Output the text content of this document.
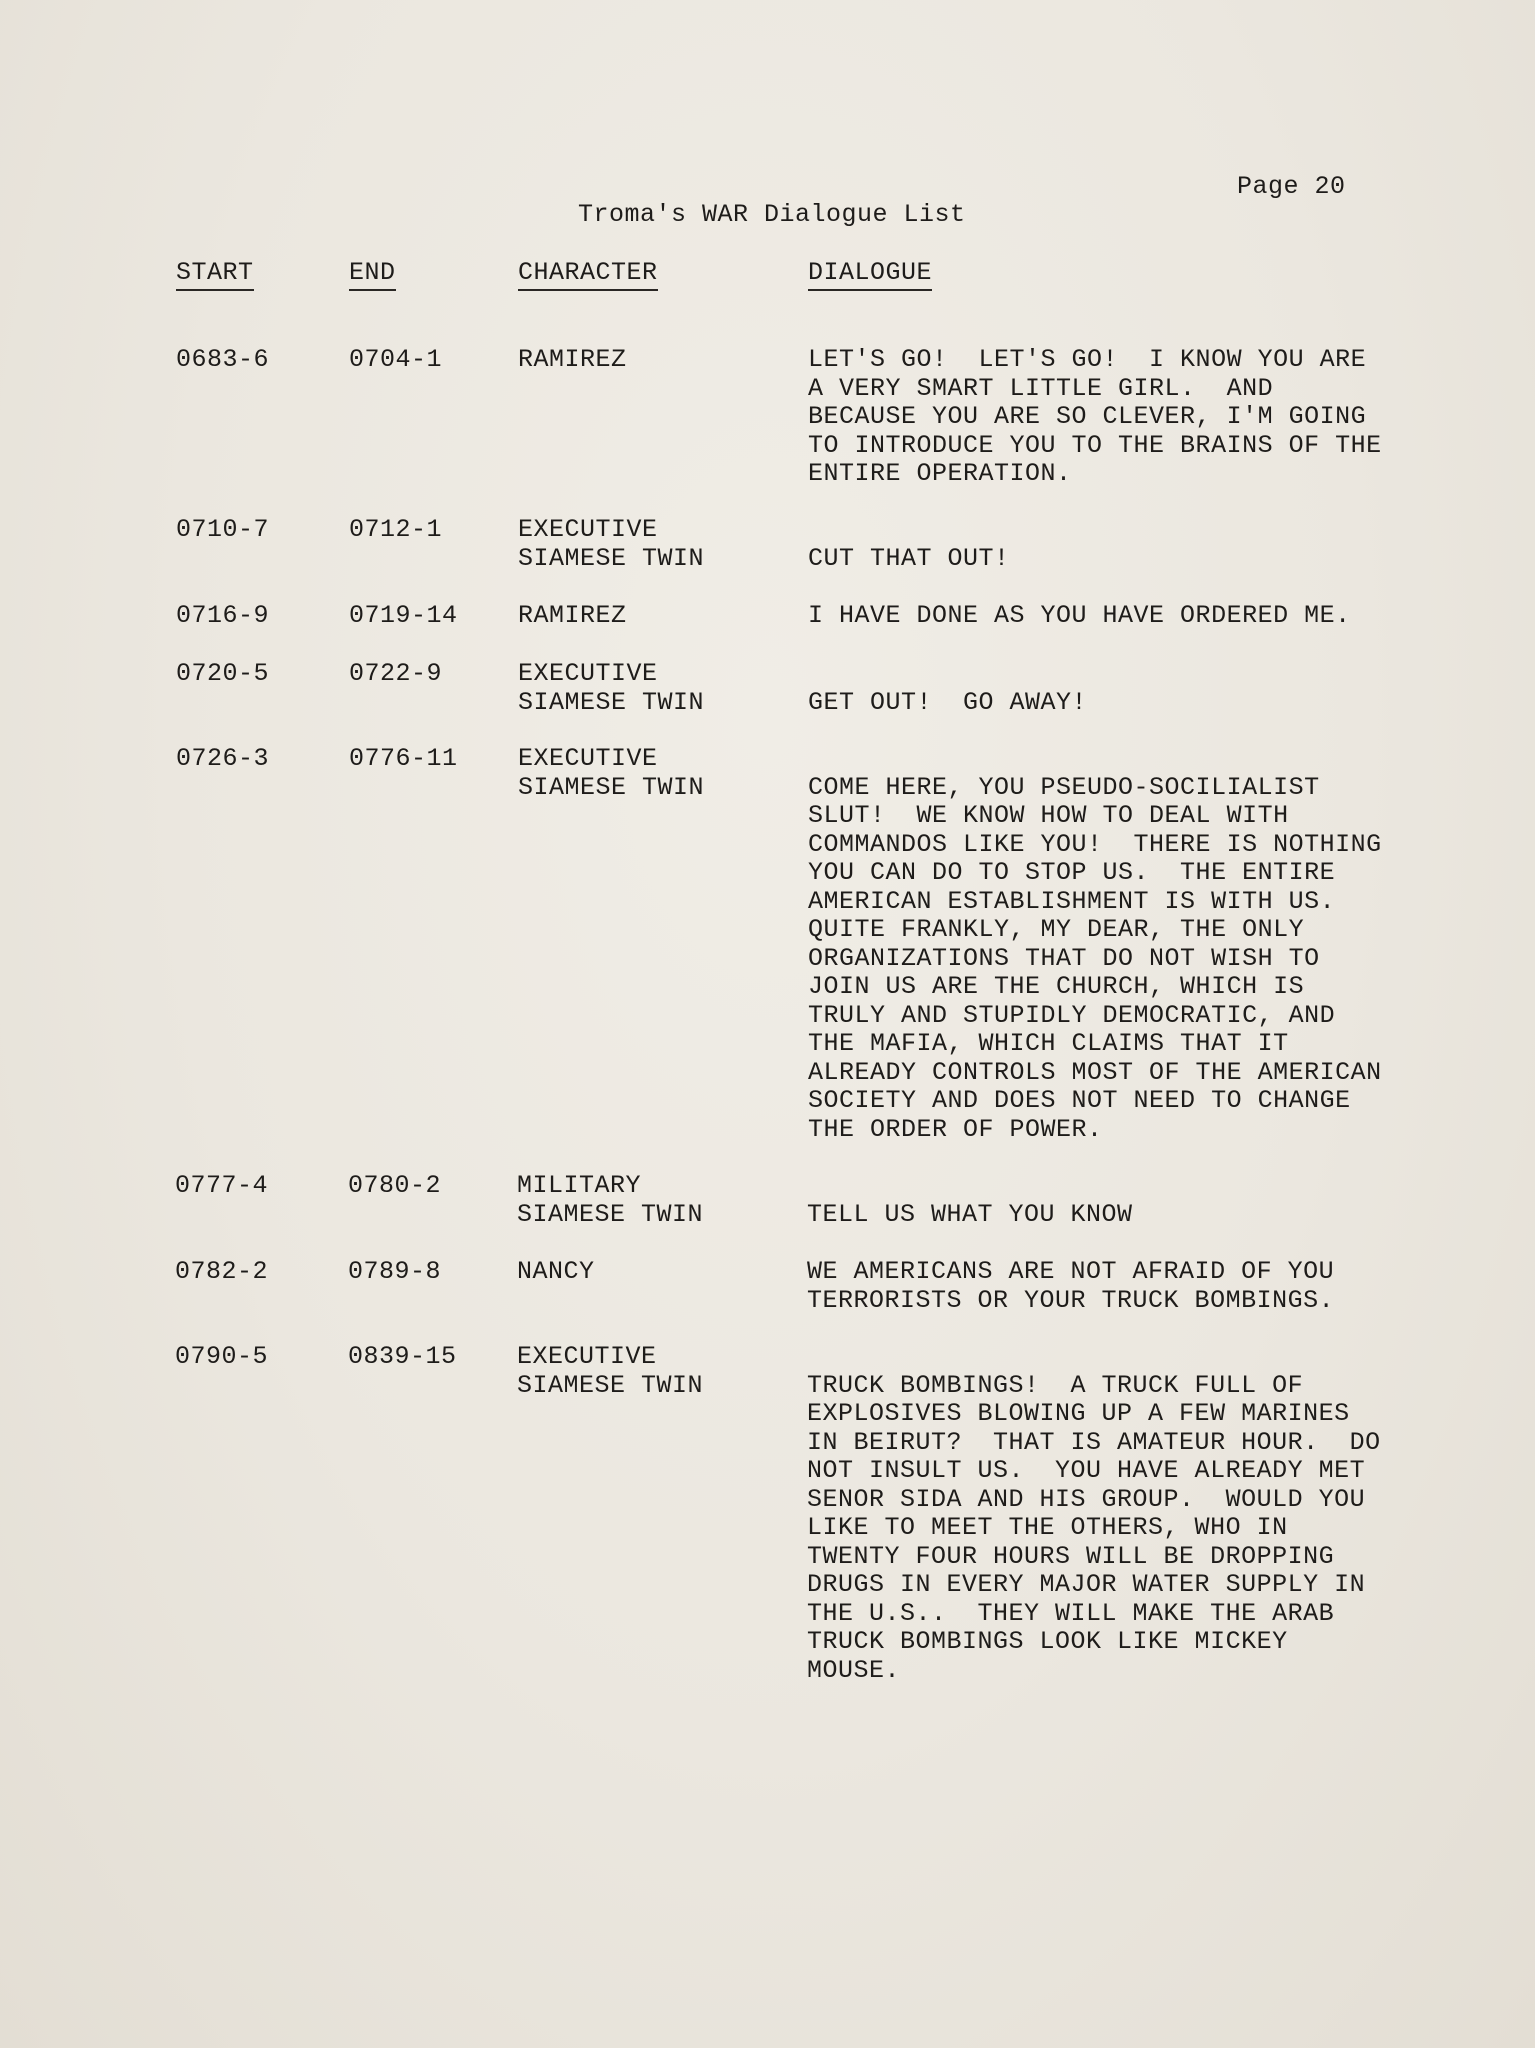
Page 20
Troma's WAR Dialogue List
START	END	CHARACTER	DIALOGUE
0683-6	0704-1	RAMIREZ	LET'S GO!  LET'S GO!  I KNOW YOU ARE
A VERY SMART LITTLE GIRL.  AND
BECAUSE YOU ARE SO CLEVER, I'M GOING
TO INTRODUCE YOU TO THE BRAINS OF THE
ENTIRE OPERATION.
0710-7	0712-1	EXECUTIVE
SIAMESE TWIN	CUT THAT OUT!
0716-9	0719-14 RAMIREZ	I HAVE DONE AS YOU HAVE ORDERED ME.
0720-5	0722-9	EXECUTIVE
SIAMESE TWIN	GET OUT!  GO AWAY!
0726-3	0776-11 EXECUTIVE
SIAMESE TWIN	COME HERE, YOU PSEUDO-SOCILIALIST
SLUT!  WE KNOW HOW TO DEAL WITH
COMMANDOS LIKE YOU!  THERE IS NOTHING
YOU CAN DO TO STOP US.  THE ENTIRE
AMERICAN ESTABLISHMENT IS WITH US.
QUITE FRANKLY, MY DEAR, THE ONLY
ORGANIZATIONS THAT DO NOT WISH TO
JOIN US ARE THE CHURCH, WHICH IS
TRULY AND STUPIDLY DEMOCRATIC, AND
THE MAFIA, WHICH CLAIMS THAT IT
ALREADY CONTROLS MOST OF THE AMERICAN
SOCIETY AND DOES NOT NEED TO CHANGE
THE ORDER OF POWER.
0777-4	0780-2	MILITARY
SIAMESE TWIN	TELL US WHAT YOU KNOW
0782-2	0789-8	NANCY	WE AMERICANS ARE NOT AFRAID OF YOU
TERRORISTS OR YOUR TRUCK BOMBINGS.
0790-5	0839-15 EXECUTIVE
SIAMESE TWIN	TRUCK BOMBINGS!  A TRUCK FULL OF
EXPLOSIVES BLOWING UP A FEW MARINES
IN BEIRUT?  THAT IS AMATEUR HOUR.  DO
NOT INSULT US.  YOU HAVE ALREADY MET
SENOR SIDA AND HIS GROUP.  WOULD YOU
LIKE TO MEET THE OTHERS, WHO IN
TWENTY FOUR HOURS WILL BE DROPPING
DRUGS IN EVERY MAJOR WATER SUPPLY IN
THE U.S..  THEY WILL MAKE THE ARAB
TRUCK BOMBINGS LOOK LIKE MICKEY
MOUSE.
